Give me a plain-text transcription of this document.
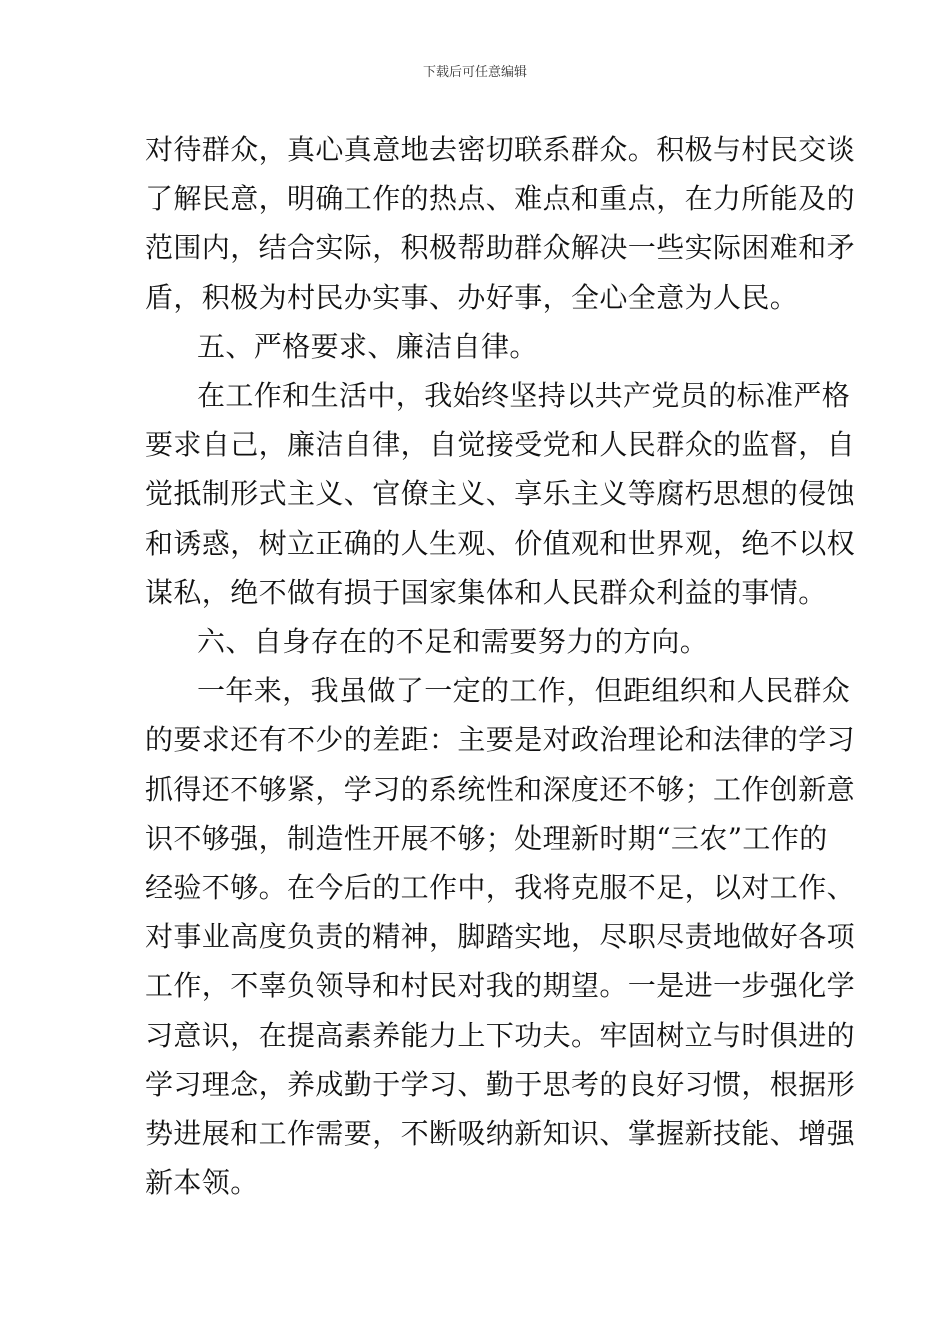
下载后可任意编辑
对待群众，真心真意地去密切联系群众。积极与村民交谈
了解民意，明确工作的热点、难点和重点，在力所能及的
范围内，结合实际，积极帮助群众解决一些实际困难和矛
盾，积极为村民办实事、办好事，全心全意为人民。
五、严格要求、廉洁自律。
在工作和生活中，我始终坚持以共产党员的标准严格
要求自己，廉洁自律，自觉接受党和人民群众的监督，自
觉抵制形式主义、官僚主义、享乐主义等腐朽思想的侵蚀
和诱惑，树立正确的人生观、价值观和世界观，绝不以权
谋私，绝不做有损于国家集体和人民群众利益的事情。
六、自身存在的不足和需要努力的方向。
一年来，我虽做了一定的工作，但距组织和人民群众
的要求还有不少的差距：主要是对政治理论和法律的学习
抓得还不够紧，学习的系统性和深度还不够；工作创新意
识不够强，制造性开展不够；处理新时期“三农”工作的
经验不够。在今后的工作中，我将克服不足，以对工作、
对事业高度负责的精神，脚踏实地，尽职尽责地做好各项
工作，不辜负领导和村民对我的期望。一是进一步强化学
习意识，在提高素养能力上下功夫。牢固树立与时俱进的
学习理念，养成勤于学习、勤于思考的良好习惯，根据形
势进展和工作需要，不断吸纳新知识、掌握新技能、增强
新本领。
